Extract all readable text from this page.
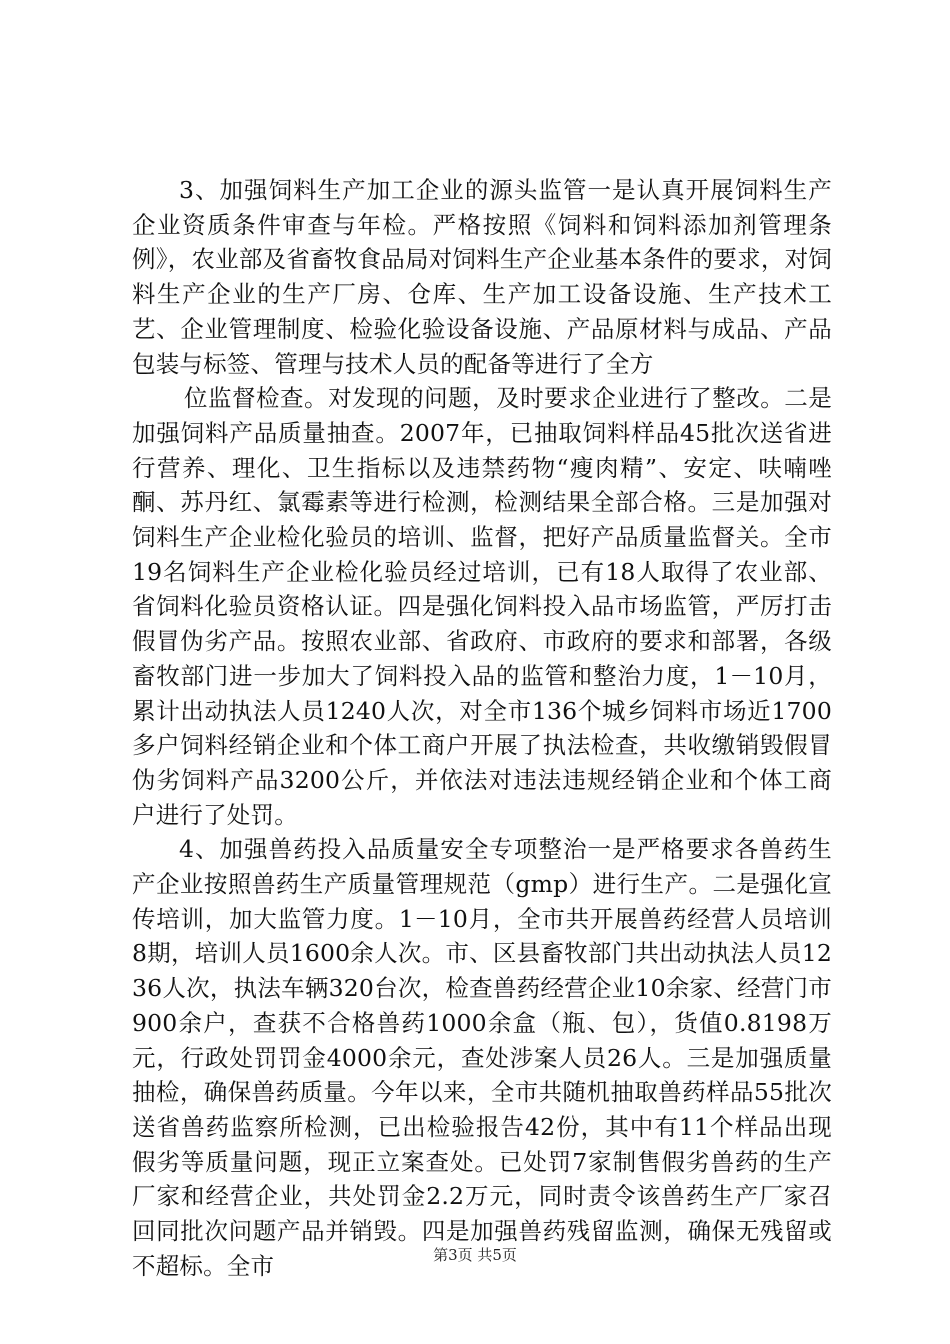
3、加强饲料生产加工企业的源头监管一是认真开展饲料生产企业资质条件审查与年检。严格按照《饲料和饲料添加剂管理条例》，农业部及省畜牧食品局对饲料生产企业基本条件的要求，对饲料生产企业的生产厂房、仓库、生产加工设备设施、生产技术工艺、企业管理制度、检验化验设备设施、产品原材料与成品、产品包装与标签、管理与技术人员的配备等进行了全方

位监督检查。对发现的问题，及时要求企业进行了整改。二是加强饲料产品质量抽查。2007年，已抽取饲料样品45批次送省进行营养、理化、卫生指标以及违禁药物“瘦肉精”、安定、呋喃唑酮、苏丹红、氯霉素等进行检测，检测结果全部合格。三是加强对饲料生产企业检化验员的培训、监督，把好产品质量监督关。全市19名饲料生产企业检化验员经过培训，已有18人取得了农业部、省饲料化验员资格认证。四是强化饲料投入品市场监管，严厉打击假冒伪劣产品。按照农业部、省政府、市政府的要求和部署，各级畜牧部门进一步加大了饲料投入品的监管和整治力度，1－10月，累计出动执法人员1240人次，对全市136个城乡饲料市场近1700多户饲料经销企业和个体工商户开展了执法检查，共收缴销毁假冒伪劣饲料产品3200公斤，并依法对违法违规经销企业和个体工商户进行了处罚。

4、加强兽药投入品质量安全专项整治一是严格要求各兽药生产企业按照兽药生产质量管理规范（gmp）进行生产。二是强化宣传培训，加大监管力度。1－10月，全市共开展兽药经营人员培训8期，培训人员1600余人次。市、区县畜牧部门共出动执法人员1236人次，执法车辆320台次，检查兽药经营企业10余家、经营门市900余户，查获不合格兽药1000余盒（瓶、包），货值0.8198万元，行政处罚罚金4000余元，查处涉案人员26人。三是加强质量抽检，确保兽药质量。今年以来，全市共随机抽取兽药样品55批次送省兽药监察所检测，已出检验报告42份，其中有11个样品出现假劣等质量问题，现正立案查处。已处罚7家制售假劣兽药的生产厂家和经营企业，共处罚金2.2万元，同时责令该兽药生产厂家召回同批次问题产品并销毁。四是加强兽药残留监测，确保无残留或不超标。全市	第3页 共5页
